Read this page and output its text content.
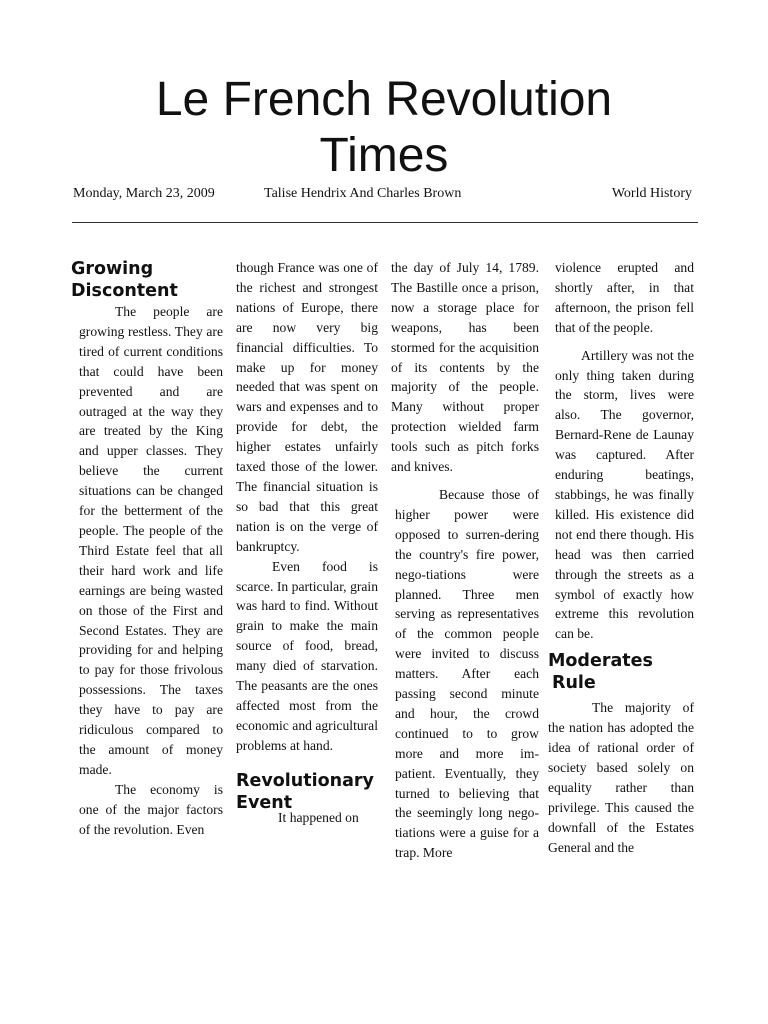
Le French Revolution
Times
Monday, March 23, 2009	Talise Hendrix And Charles Brown	World History
Growing
Discontent

The people are growing restless. They are tired of current conditions that could have been prevented and are outraged at the way they are treated by the King and upper classes. They believe the current situations can be changed for the betterment of the people. The people of the Third Estate feel that all their hard work and life earnings are being wasted on those of the First and Second Estates. They are providing for and helping to pay for those frivolous possessions. The taxes they have to pay are ridiculous compared to the amount of money made.

The economy is one of the major factors of the revolution. Even

though France was one of the richest and strongest nations of Europe, there are now very big financial difficulties. To make up for money needed that was spent on wars and expenses and to provide for debt, the higher estates unfairly taxed those of the lower. The financial situation is so bad that this great nation is on the verge of bankruptcy.

Even food is scarce. In particular, grain was hard to find. Without grain to make the main source of food, bread, many died of starvation. The peasants are the ones affected most from the economic and agricultural problems at hand.

Revolutionary
Event

It happened on

the day of July 14, 1789. The Bastille once a prison, now a storage place for weapons, has been stormed for the acquisition of its contents by the majority of the people. Many without proper protection wielded farm tools such as pitch forks and knives.

Because those of higher power were opposed to surren-dering the country's fire power, nego-tiations were planned. Three men serving as representatives of the common people were invited to discuss matters. After each passing second minute and hour, the crowd continued to to grow more and more im-patient. Eventually, they turned to believing that the seemingly long nego-tiations were a guise for a trap. More

violence erupted and shortly after, in that afternoon, the prison fell that of the people.

Artillery was not the only thing taken during the storm, lives were also. The governor, Bernard-Rene de Launay was captured. After enduring beatings, stabbings, he was finally killed. His existence did not end there though. His head was then carried through the streets as a symbol of exactly how extreme this revolution can be.

Moderates
Rule

The majority of the nation has adopted the idea of rational order of society based solely on equality rather than privilege. This caused the downfall of the Estates General and the
